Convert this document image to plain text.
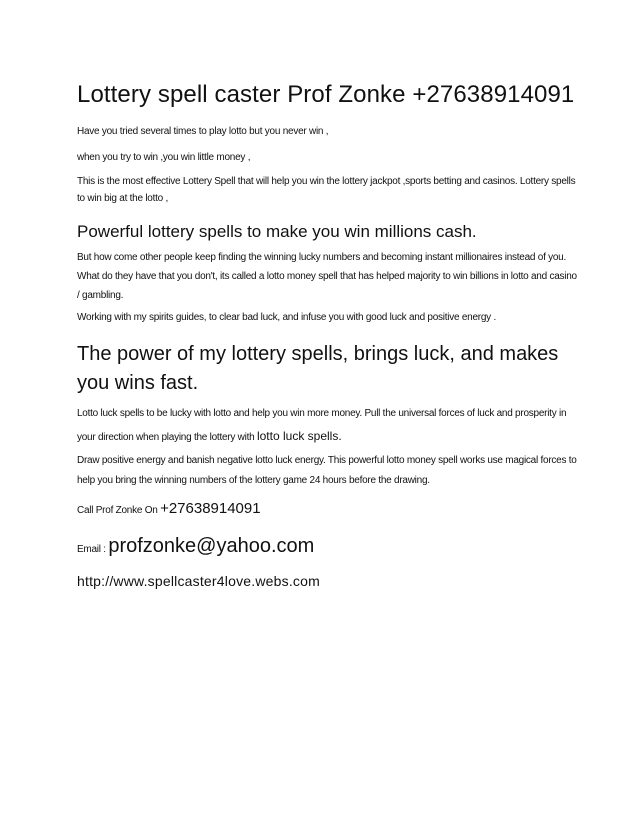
Lottery spell caster Prof Zonke +27638914091
Have you tried several times to play lotto but you never win ,
when you try to win ,you win little money ,
This is the most effective Lottery Spell that will help you win the lottery jackpot ,sports betting and casinos. Lottery spells to win big at the lotto ,
Powerful lottery spells to make you win millions cash.
But how come other people keep finding the winning lucky numbers and becoming instant millionaires instead of you. What do they have that you don't, its called a lotto money spell that has helped majority to win billions in lotto and casino / gambling.
Working with my spirits guides, to clear bad luck, and infuse you with good luck and positive energy .
The power of my lottery spells, brings luck, and makes you wins fast.
Lotto luck spells to be lucky with lotto and help you win more money. Pull the universal forces of luck and prosperity in your direction when playing the lottery with lotto luck spells.
Draw positive energy and banish negative lotto luck energy. This powerful lotto money spell works use magical forces to help you bring the winning numbers of the lottery game 24 hours before the drawing.
Call Prof Zonke On +27638914091
Email : profzonke@yahoo.com
http://www.spellcaster4love.webs.com
